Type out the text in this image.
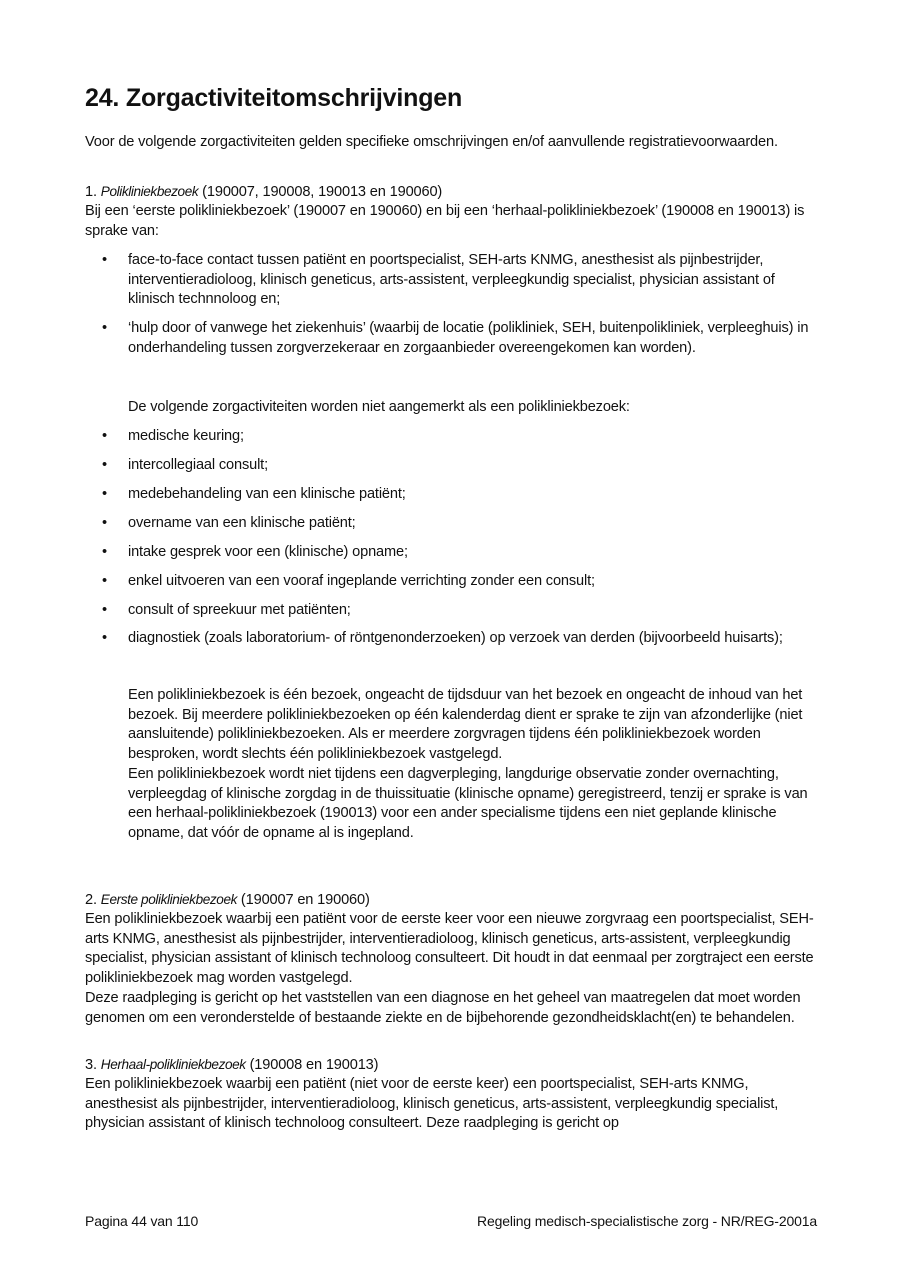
24. Zorgactiviteitomschrijvingen

Voor de volgende zorgactiviteiten gelden specifieke omschrijvingen en/of aanvullende registratievoorwaarden.

1. Polikliniekbezoek (190007, 190008, 190013 en 190060)

Bij een ‘eerste polikliniekbezoek’ (190007 en 190060) en bij een ‘herhaal-polikliniekbezoek’ (190008 en 190013) is sprake van:

•	face-to-face contact tussen patiënt en poortspecialist, SEH-arts KNMG, anesthesist als pijnbestrijder, interventieradioloog, klinisch geneticus, arts-assistent, verpleegkundig specialist, physician assistant of klinisch technnoloog en;
•	‘hulp door of vanwege het ziekenhuis’ (waarbij de locatie (polikliniek, SEH, buitenpolikliniek, verpleeghuis) in onderhandeling tussen zorgverzekeraar en zorgaanbieder overeengekomen kan worden).

De volgende zorgactiviteiten worden niet aangemerkt als een polikliniekbezoek:

•	medische keuring;
•	intercollegiaal consult;
•	medebehandeling van een klinische patiënt;
•	overname van een klinische patiënt;
•	intake gesprek voor een (klinische) opname;
•	enkel uitvoeren van een vooraf ingeplande verrichting zonder een consult;
•	consult of spreekuur met patiënten;
•	diagnostiek (zoals laboratorium- of röntgenonderzoeken) op verzoek van derden (bijvoorbeeld huisarts);

Een polikliniekbezoek is één bezoek, ongeacht de tijdsduur van het bezoek en ongeacht de inhoud van het bezoek. Bij meerdere polikliniekbezoeken op één kalenderdag dient er sprake te zijn van afzonderlijke (niet aansluitende) polikliniekbezoeken. Als er meerdere zorgvragen tijdens één polikliniekbezoek worden besproken, wordt slechts één polikliniekbezoek vastgelegd.

Een polikliniekbezoek wordt niet tijdens een dagverpleging, langdurige observatie zonder overnachting, verpleegdag of klinische zorgdag in de thuissituatie (klinische opname) geregistreerd, tenzij er sprake is van een herhaal-polikliniekbezoek (190013) voor een ander specialisme tijdens een niet geplande klinische opname, dat vóór de opname al is ingepland.

2. Eerste polikliniekbezoek (190007 en 190060)

Een polikliniekbezoek waarbij een patiënt voor de eerste keer voor een nieuwe zorgvraag een poortspecialist, SEH-arts KNMG, anesthesist als pijnbestrijder, interventieradioloog, klinisch geneticus, arts-assistent, verpleegkundig specialist, physician assistant of klinisch technoloog consulteert. Dit houdt in dat eenmaal per zorgtraject een eerste polikliniekbezoek mag worden vastgelegd.

Deze raadpleging is gericht op het vaststellen van een diagnose en het geheel van maatregelen dat moet worden genomen om een veronderstelde of bestaande ziekte en de bijbehorende gezondheidsklacht(en) te behandelen.

3. Herhaal-polikliniekbezoek (190008 en 190013)

Een polikliniekbezoek waarbij een patiënt (niet voor de eerste keer) een poortspecialist, SEH-arts KNMG, anesthesist als pijnbestrijder, interventieradioloog, klinisch geneticus, arts-assistent, verpleegkundig specialist, physician assistant of klinisch technoloog consulteert. Deze raadpleging is gericht op

Pagina 44 van 110	Regeling medisch-specialistische zorg - NR/REG-2001a
